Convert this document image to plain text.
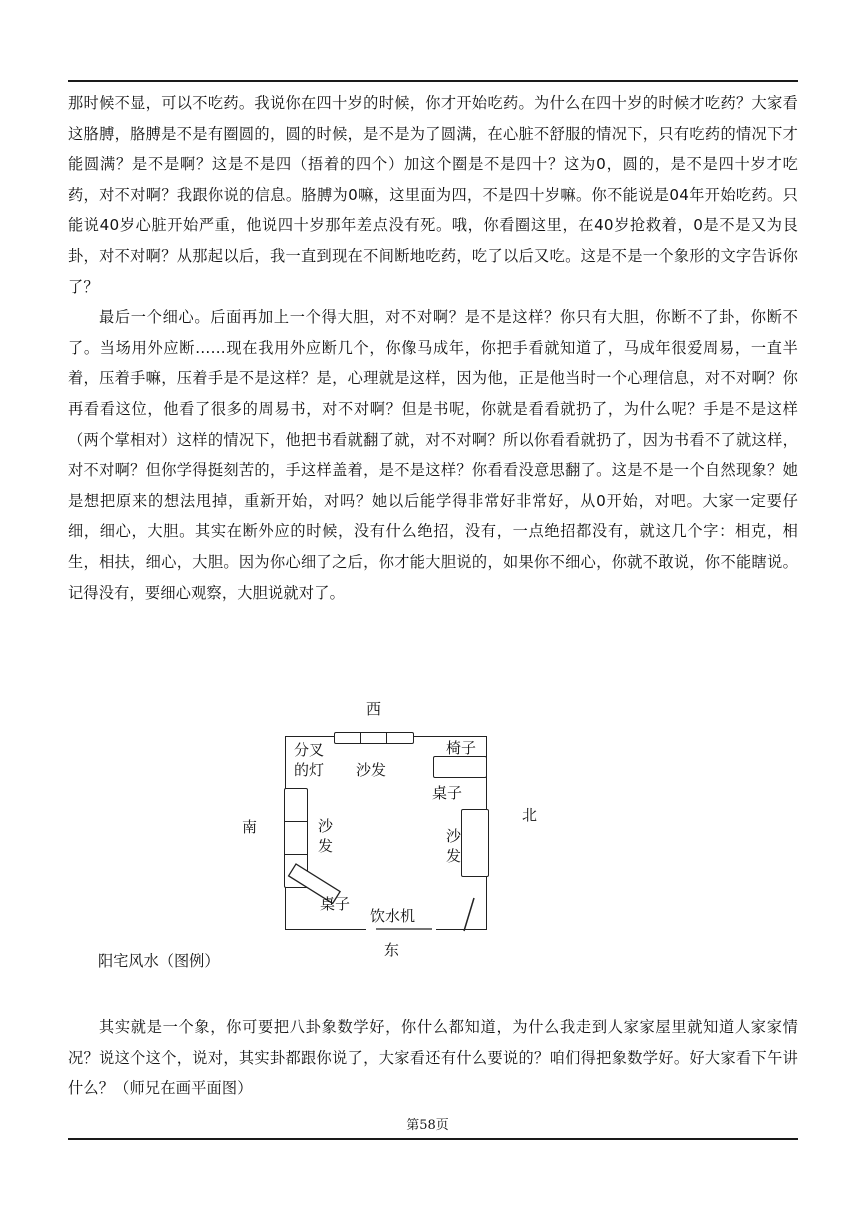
那时候不显，可以不吃药。我说你在四十岁的时候，你才开始吃药。为什么在四十岁的时候才吃药？大家看这胳膊，胳膊是不是有圈圆的，圆的时候，是不是为了圆满，在心脏不舒服的情况下，只有吃药的情况下才能圆满？是不是啊？这是不是四（捂着的四个）加这个圈是不是四十？这为0，圆的，是不是四十岁才吃药，对不对啊？我跟你说的信息。胳膊为0嘛，这里面为四，不是四十岁嘛。你不能说是04年开始吃药。只能说40岁心脏开始严重，他说四十岁那年差点没有死。哦，你看圈这里，在40岁抢救着，0是不是又为艮卦，对不对啊？从那起以后，我一直到现在不间断地吃药，吃了以后又吃。这是不是一个象形的文字告诉你了？

最后一个细心。后面再加上一个得大胆，对不对啊？是不是这样？你只有大胆，你断不了卦，你断不了。当场用外应断……现在我用外应断几个，你像马成年，你把手看就知道了，马成年很爱周易，一直半着，压着手嘛，压着手是不是这样？是，心理就是这样，因为他，正是他当时一个心理信息，对不对啊？你再看看这位，他看了很多的周易书，对不对啊？但是书呢，你就是看看就扔了，为什么呢？手是不是这样（两个掌相对）这样的情况下，他把书看就翻了就，对不对啊？所以你看看就扔了，因为书看不了就这样，对不对啊？但你学得挺刻苦的，手这样盖着，是不是这样？你看看没意思翻了。这是不是一个自然现象？她是想把原来的想法甩掉，重新开始，对吗？她以后能学得非常好非常好，从0开始，对吧。大家一定要仔细，细心，大胆。其实在断外应的时候，没有什么绝招，没有，一点绝招都没有，就这几个字：相克，相生，相扶，细心，大胆。因为你心细了之后，你才能大胆说的，如果你不细心，你就不敢说，你不能瞎说。记得没有，要细心观察，大胆说就对了。

西
南
北
东
分叉的灯 沙发
椅子
桌子
沙发
沙发
桌子
饮水机
阳宅风水（图例）

其实就是一个象，你可要把八卦象数学好，你什么都知道，为什么我走到人家家屋里就知道人家家情况？说这个这个，说对，其实卦都跟你说了，大家看还有什么要说的？咱们得把象数学好。好大家看下午讲什么？（师兄在画平面图）

第58页
